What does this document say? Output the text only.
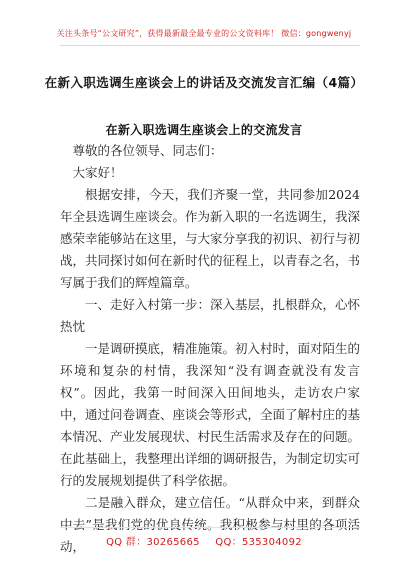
关注头条号“公文研究”，获得最新最全最专业的公文资料库！ 微信：gongwenyj
在新入职选调生座谈会上的讲话及交流发言汇编（4篇）
在新入职选调生座谈会上的交流发言

尊敬的各位领导、同志们：

大家好！

根据安排，今天，我们齐聚一堂，共同参加2024年全县选调生座谈会。作为新入职的一名选调生，我深感荣幸能够站在这里，与大家分享我的初识、初行与初战，共同探讨如何在新时代的征程上，以青春之名，书写属于我们的辉煌篇章。

一、走好入村第一步：深入基层，扎根群众，心怀热忱

一是调研摸底，精准施策。初入村时，面对陌生的环境和复杂的村情，我深知“没有调查就没有发言权”。因此，我第一时间深入田间地头，走访农户家中，通过问卷调查、座谈会等形式，全面了解村庄的基本情况、产业发展现状、村民生活需求及存在的问题。在此基础上，我整理出详细的调研报告，为制定切实可行的发展规划提供了科学依据。

二是融入群众，建立信任。“从群众中来，到群众中去”是我们党的优良传统。我积极参与村里的各项活动，	QQ 群：30265665 QQ：535304092
